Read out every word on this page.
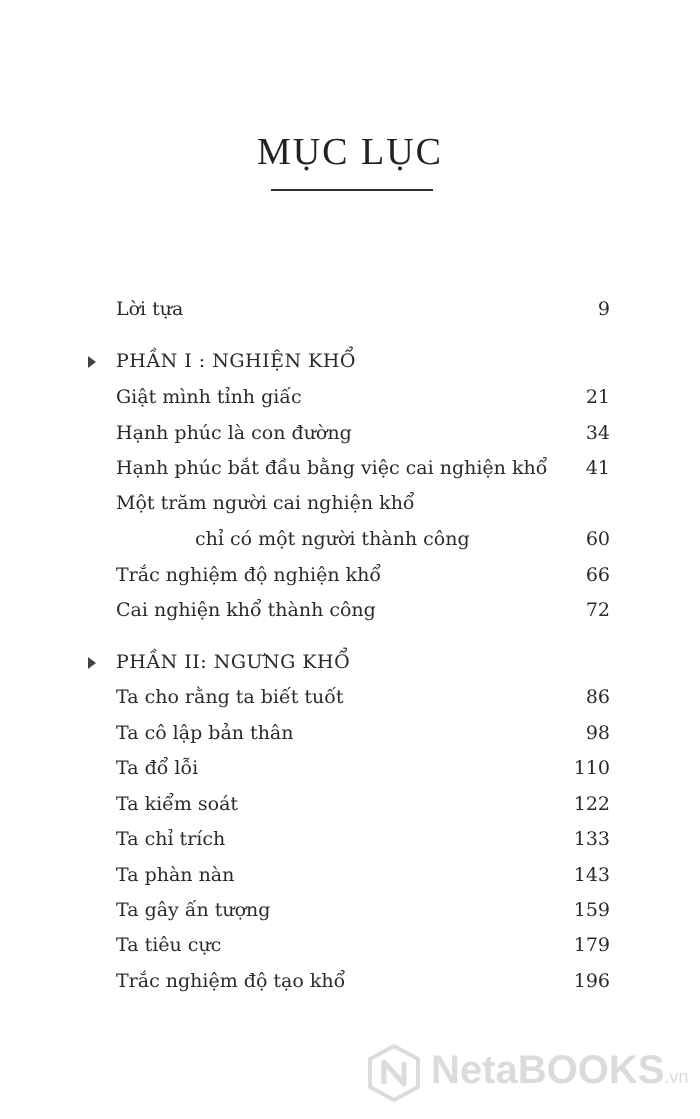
MỤC LỤC
Lời tựa	9
PHẦN I : NGHIỆN KHỔ
Giật mình tỉnh giấc	21
Hạnh phúc là con đường	34
Hạnh phúc bắt đầu bằng việc cai nghiện khổ 41
Một trăm người cai nghiện khổ
chỉ có một người thành công	60
Trắc nghiệm độ nghiện khổ	66
Cai nghiện khổ thành công	72
PHẦN II: NGƯNG KHỔ
Ta cho rằng ta biết tuốt	86
Ta cô lập bản thân	98
Ta đổ lỗi	110
Ta kiểm soát	122
Ta chỉ trích	133
Ta phàn nàn	143
Ta gây ấn tượng	159
Ta tiêu cực	179
Trắc nghiệm độ tạo khổ	196
NetaBOOKS.vn
